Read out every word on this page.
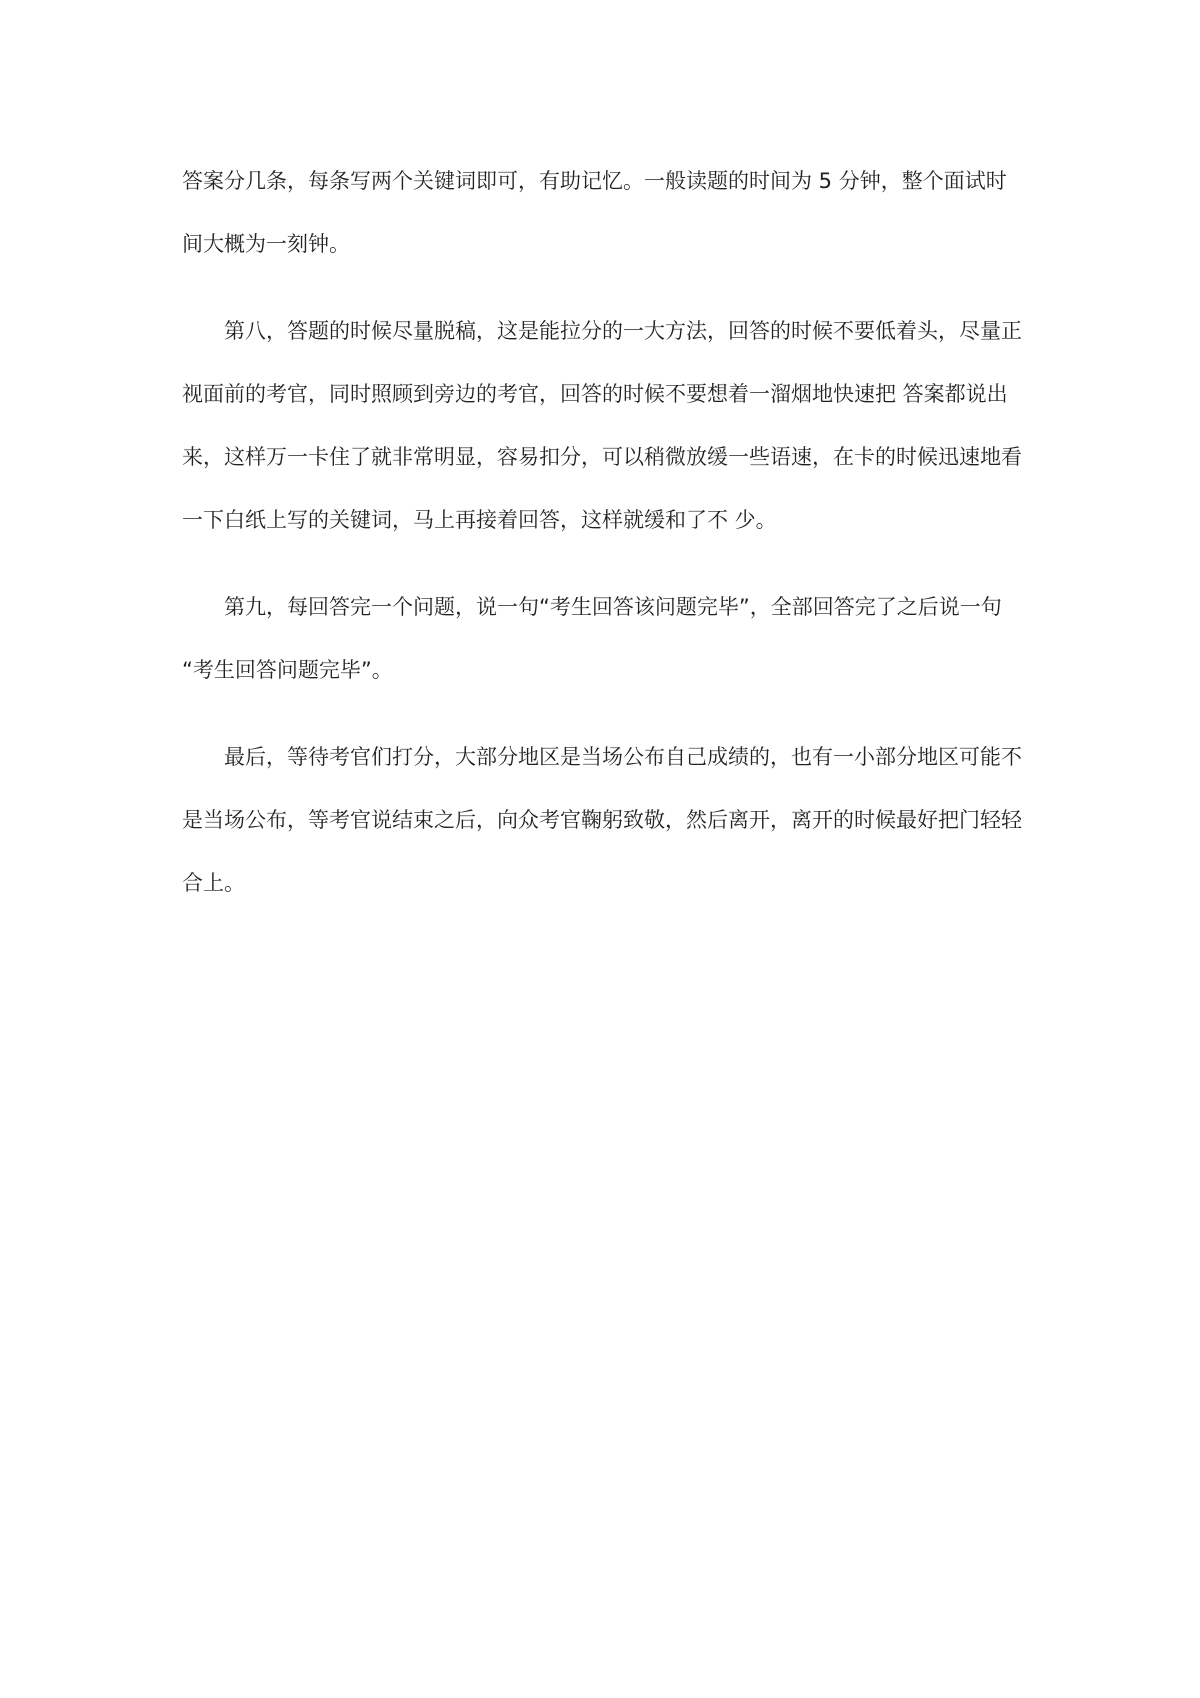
答案分几条，每条写两个关键词即可，有助记忆。一般读题的时间为 5 分钟，整个面试时
间大概为一刻钟。

第八，答题的时候尽量脱稿，这是能拉分的一大方法，回答的时候不要低着头，尽量正
视面前的考官，同时照顾到旁边的考官，回答的时候不要想着一溜烟地快速把 答案都说出
来，这样万一卡住了就非常明显，容易扣分，可以稍微放缓一些语速，在卡的时候迅速地看
一下白纸上写的关键词，马上再接着回答，这样就缓和了不 少。

第九，每回答完一个问题，说一句“考生回答该问题完毕”，全部回答完了之后说一句
“考生回答问题完毕”。

最后，等待考官们打分，大部分地区是当场公布自己成绩的，也有一小部分地区可能不
是当场公布，等考官说结束之后，向众考官鞠躬致敬，然后离开，离开的时候最好把门轻轻
合上。
